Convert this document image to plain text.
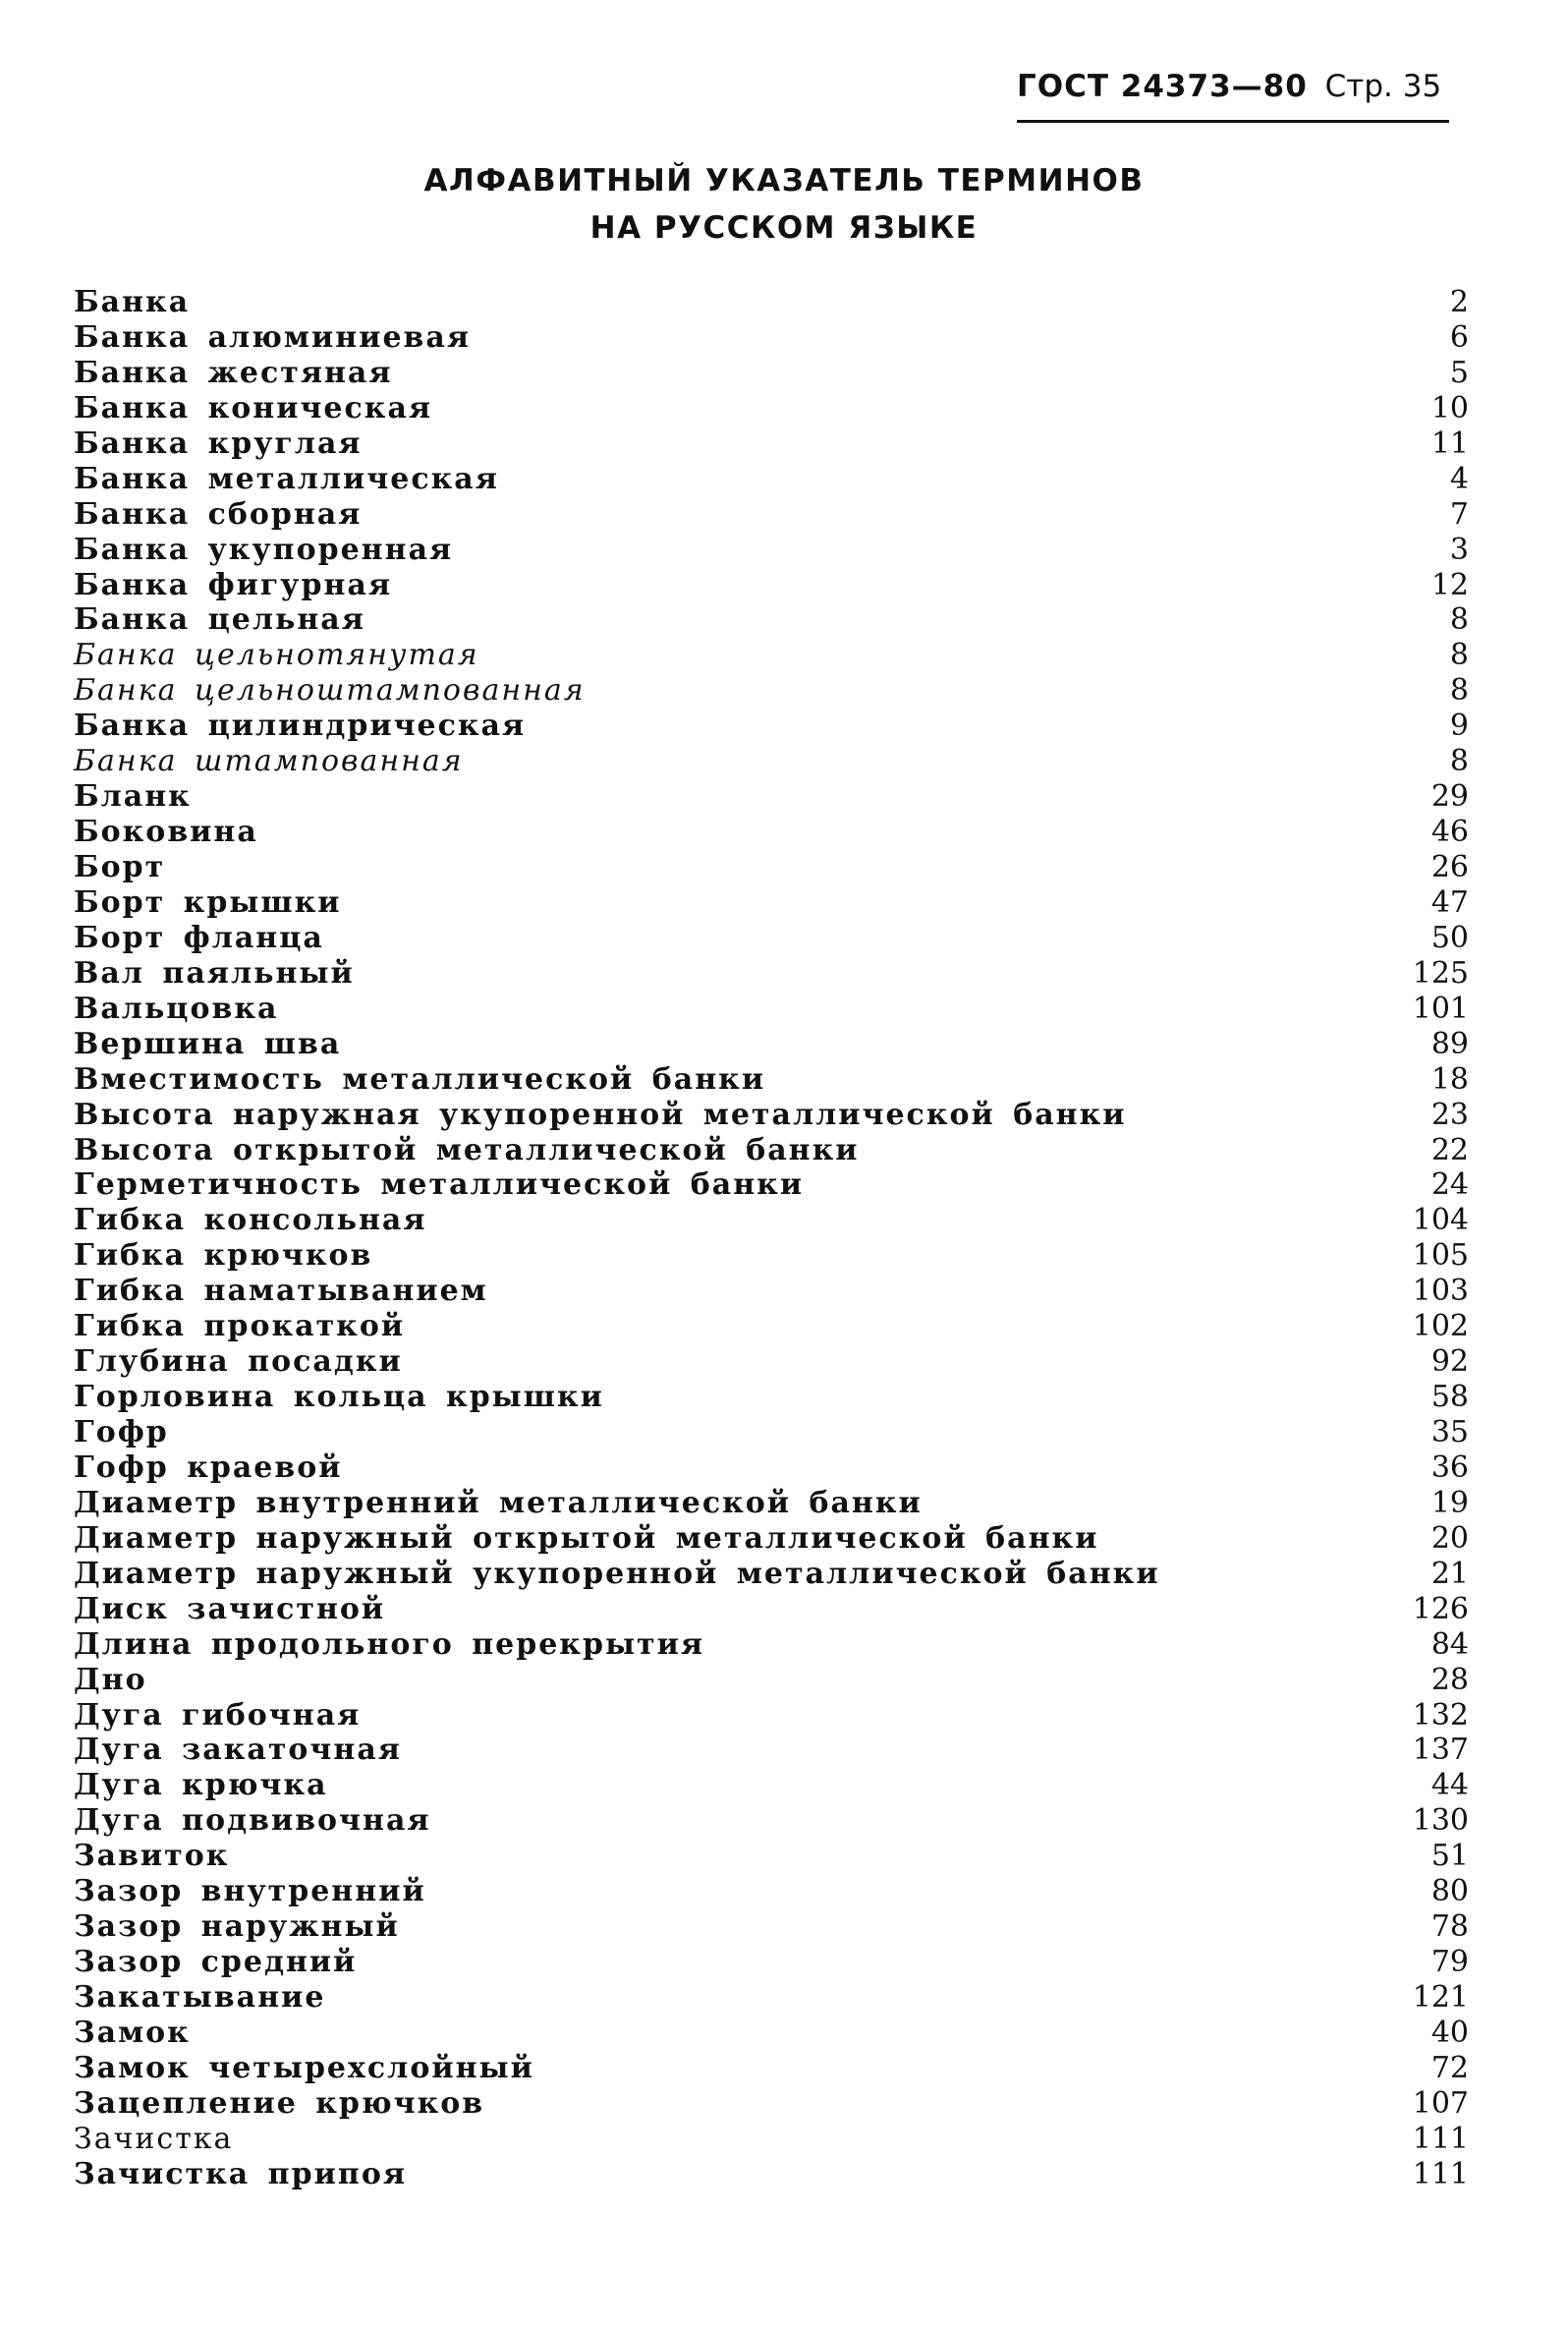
ГОСТ 24373—80 Стр. 35
АЛФАВИТНЫЙ УКАЗАТЕЛЬ ТЕРМИНОВ
НА РУССКОМ ЯЗЫКЕ
Банка	2
Банка алюминиевая	6
Банка жестяная	5
Банка коническая	10
Банка круглая	11
Банка металлическая	4
Банка сборная	7
Банка укупоренная	3
Банка фигурная	12
Банка цельная	8
Банка цельнотянутая	8
Банка цельноштампованная	8
Банка цилиндрическая	9
Банка штампованная	8
Бланк	29
Боковина	46
Борт	26
Борт крышки	47
Борт фланца	50
Вал паяльный	125
Вальцовка	101
Вершина шва	89
Вместимость металлической банки	18
Высота наружная укупоренной металлической банки	23
Высота открытой металлической банки	22
Герметичность металлической банки	24
Гибка консольная	104
Гибка крючков	105
Гибка наматыванием	103
Гибка прокаткой	102
Глубина посадки	92
Горловина кольца крышки	58
Гофр	35
Гофр краевой	36
Диаметр внутренний металлической банки	19
Диаметр наружный открытой металлической банки	20
Диаметр наружный укупоренной металлической банки	21
Диск зачистной	126
Длина продольного перекрытия	84
Дно	28
Дуга гибочная	132
Дуга закаточная	137
Дуга крючка	44
Дуга подвивочная	130
Завиток	51
Зазор внутренний	80
Зазор наружный	78
Зазор средний	79
Закатывание	121
Замок	40
Замок четырехслойный	72
Зацепление крючков	107
Зачистка	111
Зачистка припоя	111
